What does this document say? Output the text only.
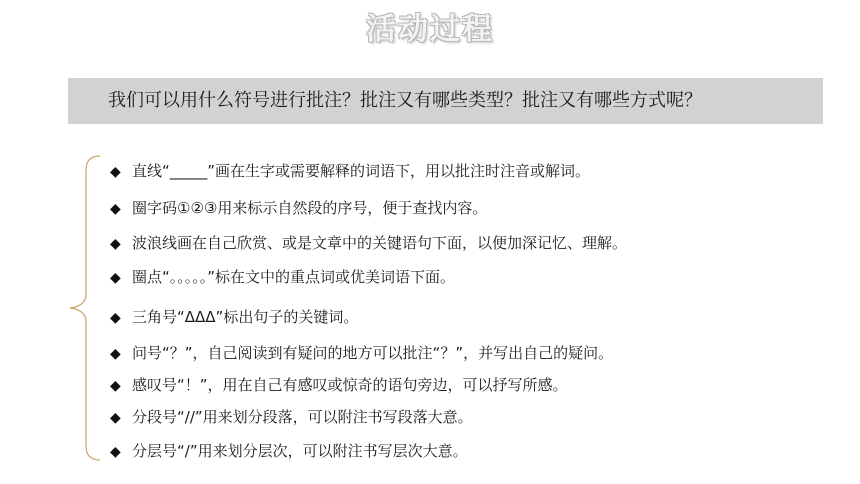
活动过程
我们可以用什么符号进行批注？批注又有哪些类型？批注又有哪些方式呢？
◆ 直线“_____”画在生字或需要解释的词语下，用以批注时注音或解词。
◆ 圈字码①②③用来标示自然段的序号，便于查找内容。
◆ 波浪线画在自己欣赏、或是文章中的关键语句下面，以便加深记忆、理解。
◆ 圈点“。。。。。”标在文中的重点词或优美词语下面。
◆ 三角号“ΔΔΔ”标出句子的关键词。
◆ 问号“？”，自己阅读到有疑问的地方可以批注“？”，并写出自己的疑问。
◆ 感叹号“！”，用在自己有感叹或惊奇的语句旁边，可以抒写所感。
◆ 分段号“//”用来划分段落，可以附注书写段落大意。
◆ 分层号“/”用来划分层次，可以附注书写层次大意。
